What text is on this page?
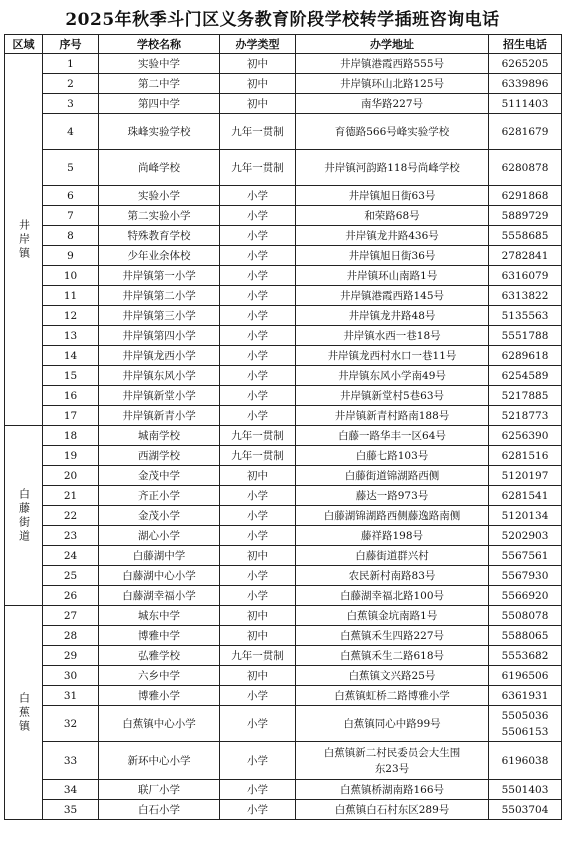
2025年秋季斗门区义务教育阶段学校转学插班咨询电话
区域	序号	学校名称	办学类型	办学地址	招生电话
井岸镇	1	实验中学	初中	井岸镇港霞西路555号	6265205

	2	第二中学	初中	井岸镇环山北路125号	6339896

	3	第四中学	初中	南华路227号	5111403

	4	珠峰实验学校	九年一贯制	育德路566号峰实验学校	6281679

	5	尚峰学校	九年一贯制	井岸镇河韵路118号尚峰学校	6280878

	6	实验小学	小学	井岸镇旭日街63号	6291868

	7	第二实验小学	小学	和荣路68号	5889729

	8	特殊教育学校	小学	井岸镇龙井路436号	5558685

	9	少年业余体校	小学	井岸镇旭日街36号	2782841

	10	井岸镇第一小学	小学	井岸镇环山南路1号	6316079

	11	井岸镇第二小学	小学	井岸镇港霞西路145号	6313822

	12	井岸镇第三小学	小学	井岸镇龙井路48号	5135563

	13	井岸镇第四小学	小学	井岸镇水西一巷18号	5551788

	14	井岸镇龙西小学	小学	井岸镇龙西村水口一巷11号	6289618

	15	井岸镇东风小学	小学	井岸镇东风小学南49号	6254589

	16	井岸镇新堂小学	小学	井岸镇新堂村5巷63号	5217885

	17	井岸镇新青小学	小学	井岸镇新青村路南188号	5218773

白藤街道	18	城南学校	九年一贯制	白藤一路华丰一区64号	6256390

	19	西湖学校	九年一贯制	白藤七路103号	6281516

	20	金茂中学	初中	白藤街道锦湖路西侧	5120197

	21	齐正小学	小学	藤达一路973号	6281541

	22	金茂小学	小学	白藤湖锦湖路西侧藤逸路南侧	5120134

	23	湖心小学	小学	藤祥路198号	5202903

	24	白藤湖中学	初中	白藤街道群兴村	5567561

	25	白藤湖中心小学	小学	农民新村南路83号	5567930

	26	白藤湖幸福小学	小学	白藤湖幸福北路100号	5566920

白蕉镇	27	城东中学	初中	白蕉镇金坑南路1号	5508078

	28	博雅中学	初中	白蕉镇禾生四路227号	5588065

	29	弘雅学校	九年一贯制	白蕉镇禾生二路618号	5553682

	30	六乡中学	初中	白蕉镇文兴路25号	6196506

	31	博雅小学	小学	白蕉镇虹桥二路博雅小学	6361931

	32	白蕉镇中心小学	小学	白蕉镇同心中路99号	5505036
5506153

	33	新环中心小学	小学	白蕉镇新二村民委员会大生围
东23号	6196038

	34	联厂小学	小学	白蕉镇桥湖南路166号	5501403

	35	白石小学	小学	白蕉镇白石村东区289号	5503704
